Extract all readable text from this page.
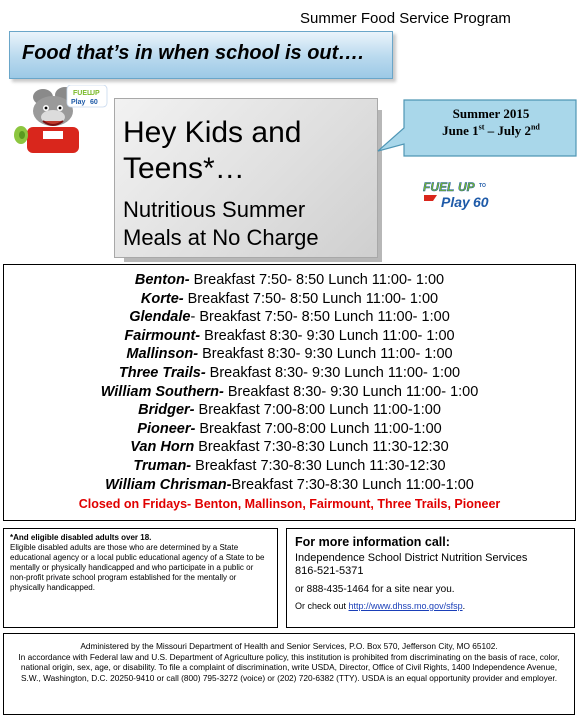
Summer Food Service Program
Food that’s in when school is out….
FUEL
UP
Play 60
Hey Kids and
Teens*…
Nutritious Summer
Meals at No Charge
Summer 2015
June 1st – July 2nd
FUEL UP TO
Play 60
Benton- Breakfast 7:50- 8:50 Lunch 11:00- 1:00
Korte- Breakfast 7:50- 8:50 Lunch 11:00- 1:00
Glendale- Breakfast 7:50- 8:50 Lunch 11:00- 1:00
Fairmount- Breakfast 8:30- 9:30 Lunch 11:00- 1:00
Mallinson- Breakfast 8:30- 9:30 Lunch 11:00- 1:00
Three Trails- Breakfast 8:30- 9:30 Lunch 11:00- 1:00
William Southern- Breakfast 8:30- 9:30 Lunch 11:00- 1:00
Bridger- Breakfast 7:00-8:00 Lunch 11:00-1:00
Pioneer- Breakfast 7:00-8:00 Lunch 11:00-1:00
Van Horn Breakfast 7:30-8:30 Lunch 11:30-12:30
Truman- Breakfast 7:30-8:30 Lunch 11:30-12:30
William Chrisman-Breakfast 7:30-8:30 Lunch 11:00-1:00
Closed on Fridays- Benton, Mallinson, Fairmount, Three Trails, Pioneer
*And eligible disabled adults over 18.
Eligible disabled adults are those who are determined by a State educational agency or a local public educational agency of a State to be mentally or physically handicapped and who participate in a public or non-profit private school program established for the mentally or physically handicapped.
For more information call:
Independence School District Nutrition Services
816-521-5371
or 888-435-1464 for a site near you.
Or check out http://www.dhss.mo.gov/sfsp.
Administered by the Missouri Department of Health and Senior Services, P.O. Box 570, Jefferson City, MO 65102.
In accordance with Federal law and U.S. Department of Agriculture policy, this institution is prohibited from discriminating on the basis of race, color, national origin, sex, age, or disability. To file a complaint of discrimination, write USDA, Director, Office of Civil Rights, 1400 Independence Avenue, S.W., Washington, D.C. 20250-9410 or call (800) 795-3272 (voice) or (202) 720-6382 (TTY). USDA is an equal opportunity provider and employer.
